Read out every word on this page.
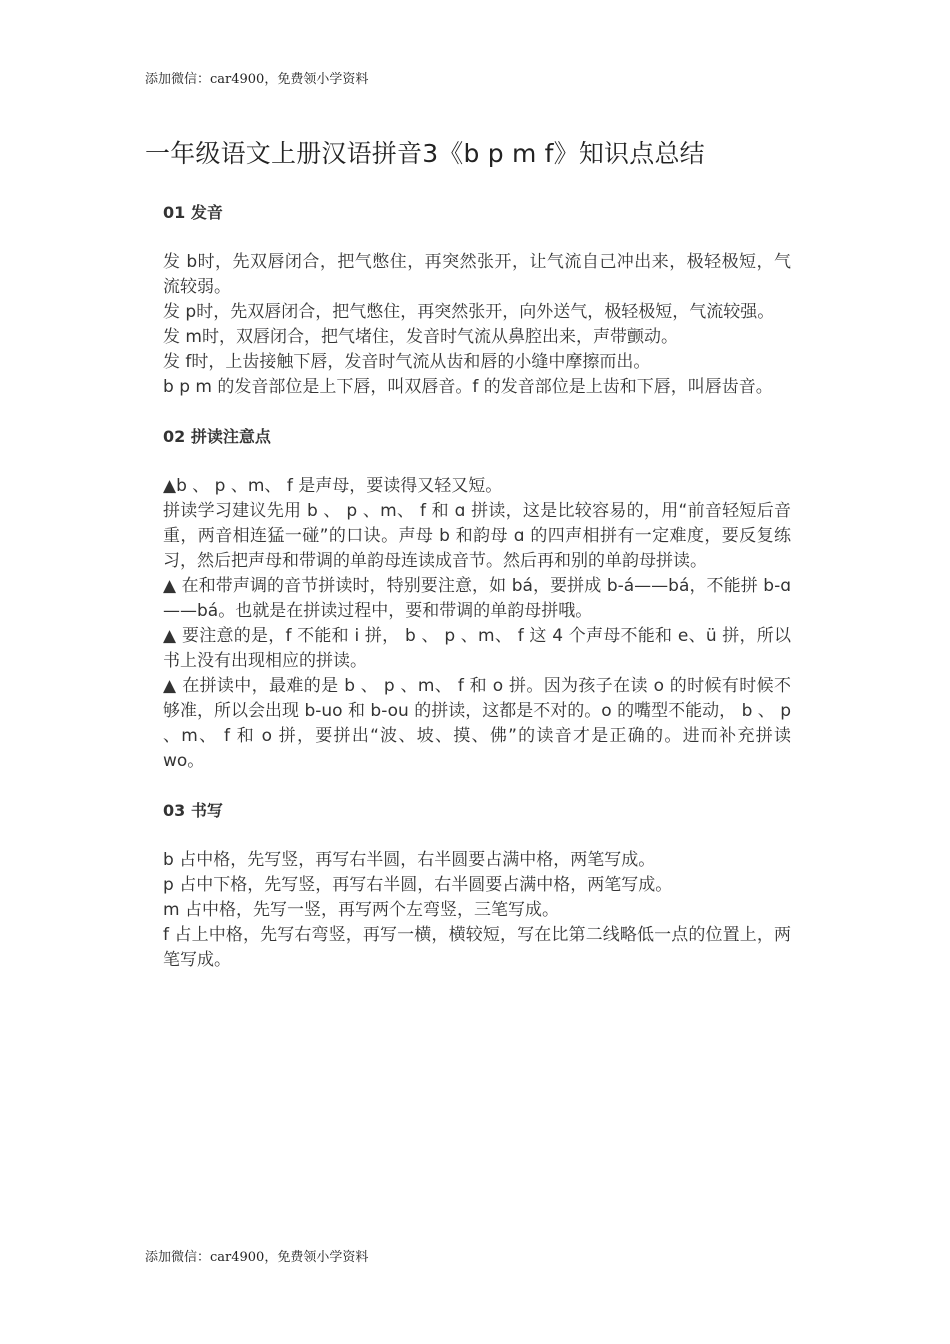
添加微信：car4900，免费领小学资料
一年级语文上册汉语拼音3《b p m f》知识点总结
01 发音

发 b时，先双唇闭合，把气憋住，再突然张开，让气流自己冲出来，极轻极短，气流较弱。

发 p时，先双唇闭合，把气憋住，再突然张开，向外送气，极轻极短，气流较强。

发 m时，双唇闭合，把气堵住，发音时气流从鼻腔出来，声带颤动。

发 f时，上齿接触下唇，发音时气流从齿和唇的小缝中摩擦而出。

b p m 的发音部位是上下唇，叫双唇音。f 的发音部位是上齿和下唇，叫唇齿音。

02 拼读注意点

▲b 、 p 、m、 f 是声母，要读得又轻又短。

拼读学习建议先用 b 、 p 、m、 f 和 ɑ 拼读，这是比较容易的，用“前音轻短后音重，两音相连猛一碰”的口诀。声母 b 和韵母 ɑ 的四声相拼有一定难度，要反复练习，然后把声母和带调的单韵母连读成音节。然后再和别的单韵母拼读。

▲ 在和带声调的音节拼读时，特别要注意，如 bá，要拼成 b-á——bá，不能拼 b-ɑ——bá。也就是在拼读过程中，要和带调的单韵母拼哦。

▲ 要注意的是，f 不能和 i 拼， b 、 p 、m、 f 这 4 个声母不能和 e、ü 拼，所以书上没有出现相应的拼读。

▲ 在拼读中，最难的是 b 、 p 、m、 f 和 o 拼。因为孩子在读 o 的时候有时候不够准，所以会出现 b-uo 和 b-ou 的拼读，这都是不对的。o 的嘴型不能动， b 、 p 、m、 f 和 o 拼，要拼出“波、坡、摸、佛”的读音才是正确的。进而补充拼读 wo。

03 书写

b 占中格，先写竖，再写右半圆，右半圆要占满中格，两笔写成。

p 占中下格，先写竖，再写右半圆，右半圆要占满中格，两笔写成。

m 占中格，先写一竖，再写两个左弯竖，三笔写成。

f 占上中格，先写右弯竖，再写一横，横较短，写在比第二线略低一点的位置上，两笔写成。

添加微信：car4900，免费领小学资料
